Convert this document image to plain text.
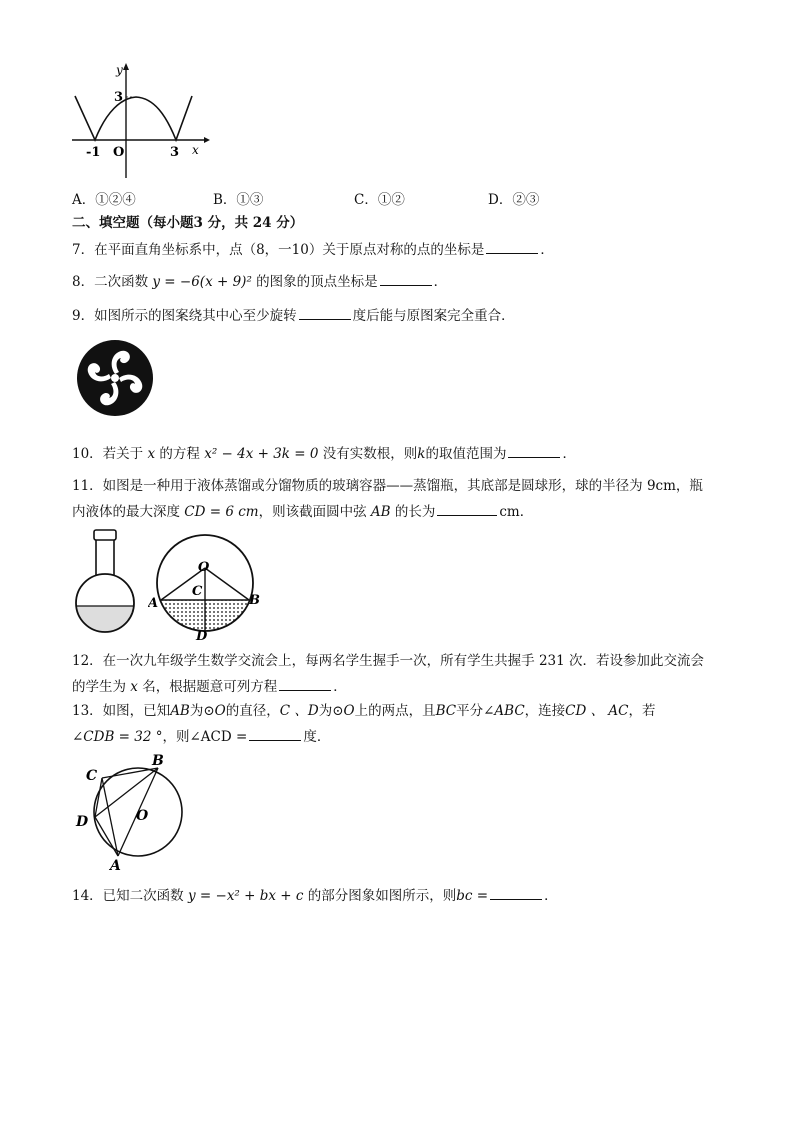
y
x
3
-1 O	3
A．①②④	B．①③	C．①②	D．②③
二、填空题（每小题3 分，共 24 分）
7．在平面直角坐标系中，点（8，一10）关于原点对称的点的坐标是	．
8．二次函数 y = −6(x + 9)² 的图象的顶点坐标是	．
9．如图所示的图案绕其中心至少旋转	度后能与原图案完全重合．
10．若关于 x 的方程 x² − 4x + 3k = 0 没有实数根，则k的取值范围为	．
11．如图是一种用于液体蒸馏或分馏物质的玻璃容器——蒸馏瓶，其底部是圆球形，球的半径为 9cm，瓶
内液体的最大深度 CD = 6 cm，则该截面圆中弦 AB 的长为	cm．
O
C
A	B
D
12．在一次九年级学生数学交流会上，每两名学生握手一次，所有学生共握手 231 次．若设参加此交流会
的学生为 x 名，根据题意可列方程	．
13．如图，已知AB为⊙O的直径，C 、D为⊙O上的两点，且BC平分∠ABC，连接CD 、 AC，若
∠CDB = 32 °，则∠ACD =	度．
C
B
D	O
A
14．已知二次函数 y = −x² + bx + c 的部分图象如图所示，则bc =	．
